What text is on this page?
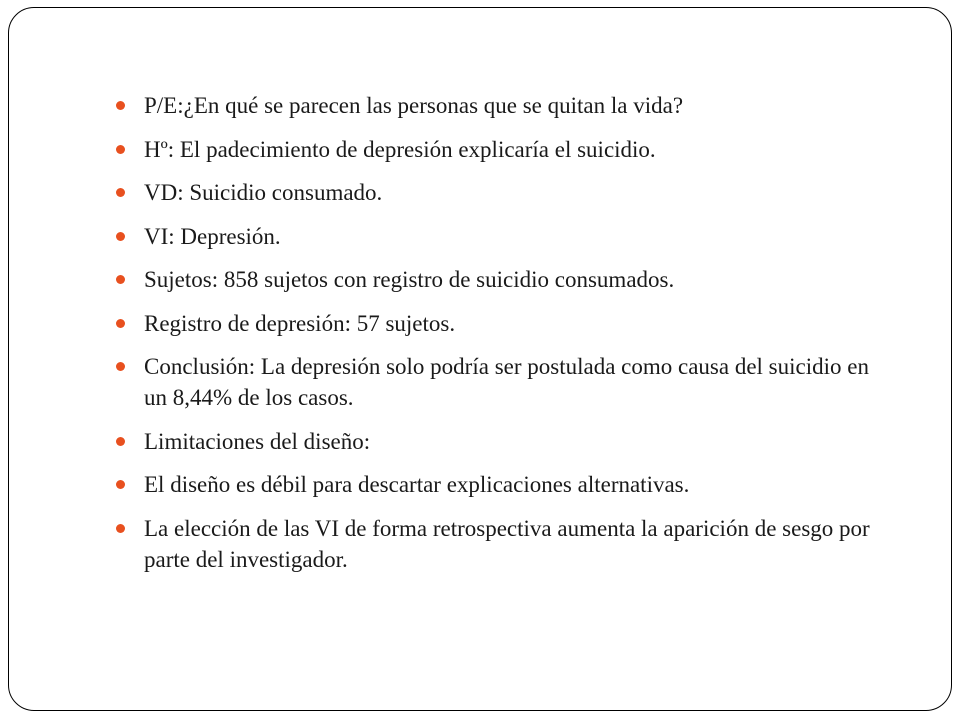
P/E:¿En qué se parecen las personas que se quitan la vida?
Hº: El padecimiento de depresión explicaría el suicidio.
VD: Suicidio consumado.
VI: Depresión.
Sujetos: 858 sujetos con registro de suicidio consumados.
Registro de depresión: 57 sujetos.
Conclusión: La depresión solo podría ser postulada como causa del suicidio en un 8,44% de los casos.
Limitaciones del diseño:
El diseño es débil para descartar explicaciones alternativas.
La elección de las VI de forma retrospectiva aumenta la aparición de sesgo por parte del investigador.
